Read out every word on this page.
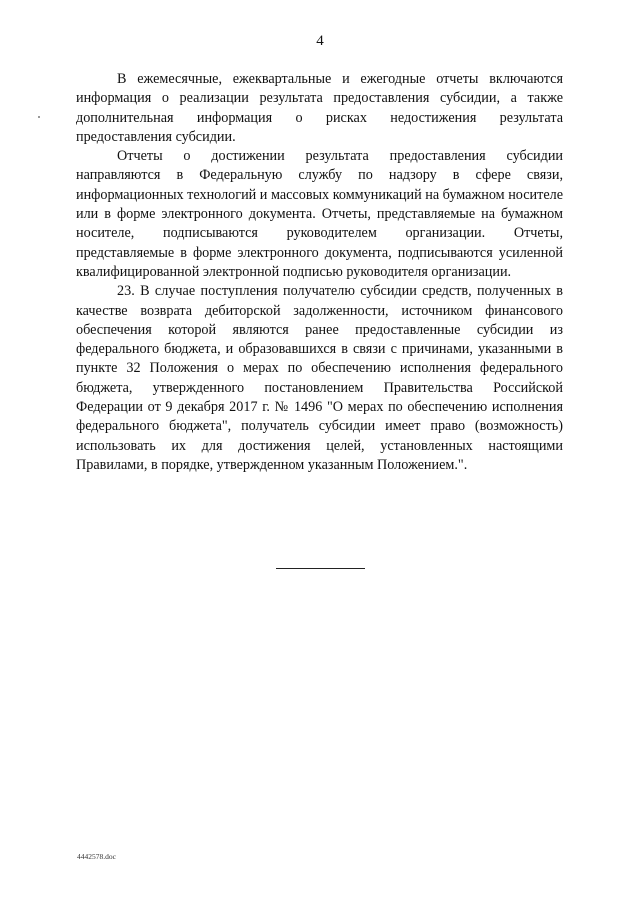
4

В ежемесячные, ежеквартальные и ежегодные отчеты включаются информация о реализации результата предоставления субсидии, а также дополнительная информация о рисках недостижения результата предоставления субсидии.

Отчеты о достижении результата предоставления субсидии направляются в Федеральную службу по надзору в сфере связи, информационных технологий и массовых коммуникаций на бумажном носителе или в форме электронного документа. Отчеты, представляемые на бумажном носителе, подписываются руководителем организации. Отчеты, представляемые в форме электронного документа, подписываются усиленной квалифицированной электронной подписью руководителя организации.

23. В случае поступления получателю субсидии средств, полученных в качестве возврата дебиторской задолженности, источником финансового обеспечения которой являются ранее предоставленные субсидии из федерального бюджета, и образовавшихся в связи с причинами, указанными в пункте 32 Положения о мерах по обеспечению исполнения федерального бюджета, утвержденного постановлением Правительства Российской Федерации от 9 декабря 2017 г. № 1496 "О мерах по обеспечению исполнения федерального бюджета", получатель субсидии имеет право (возможность) использовать их для достижения целей, установленных настоящими Правилами, в порядке, утвержденном указанным Положением.".

4442578.doc
